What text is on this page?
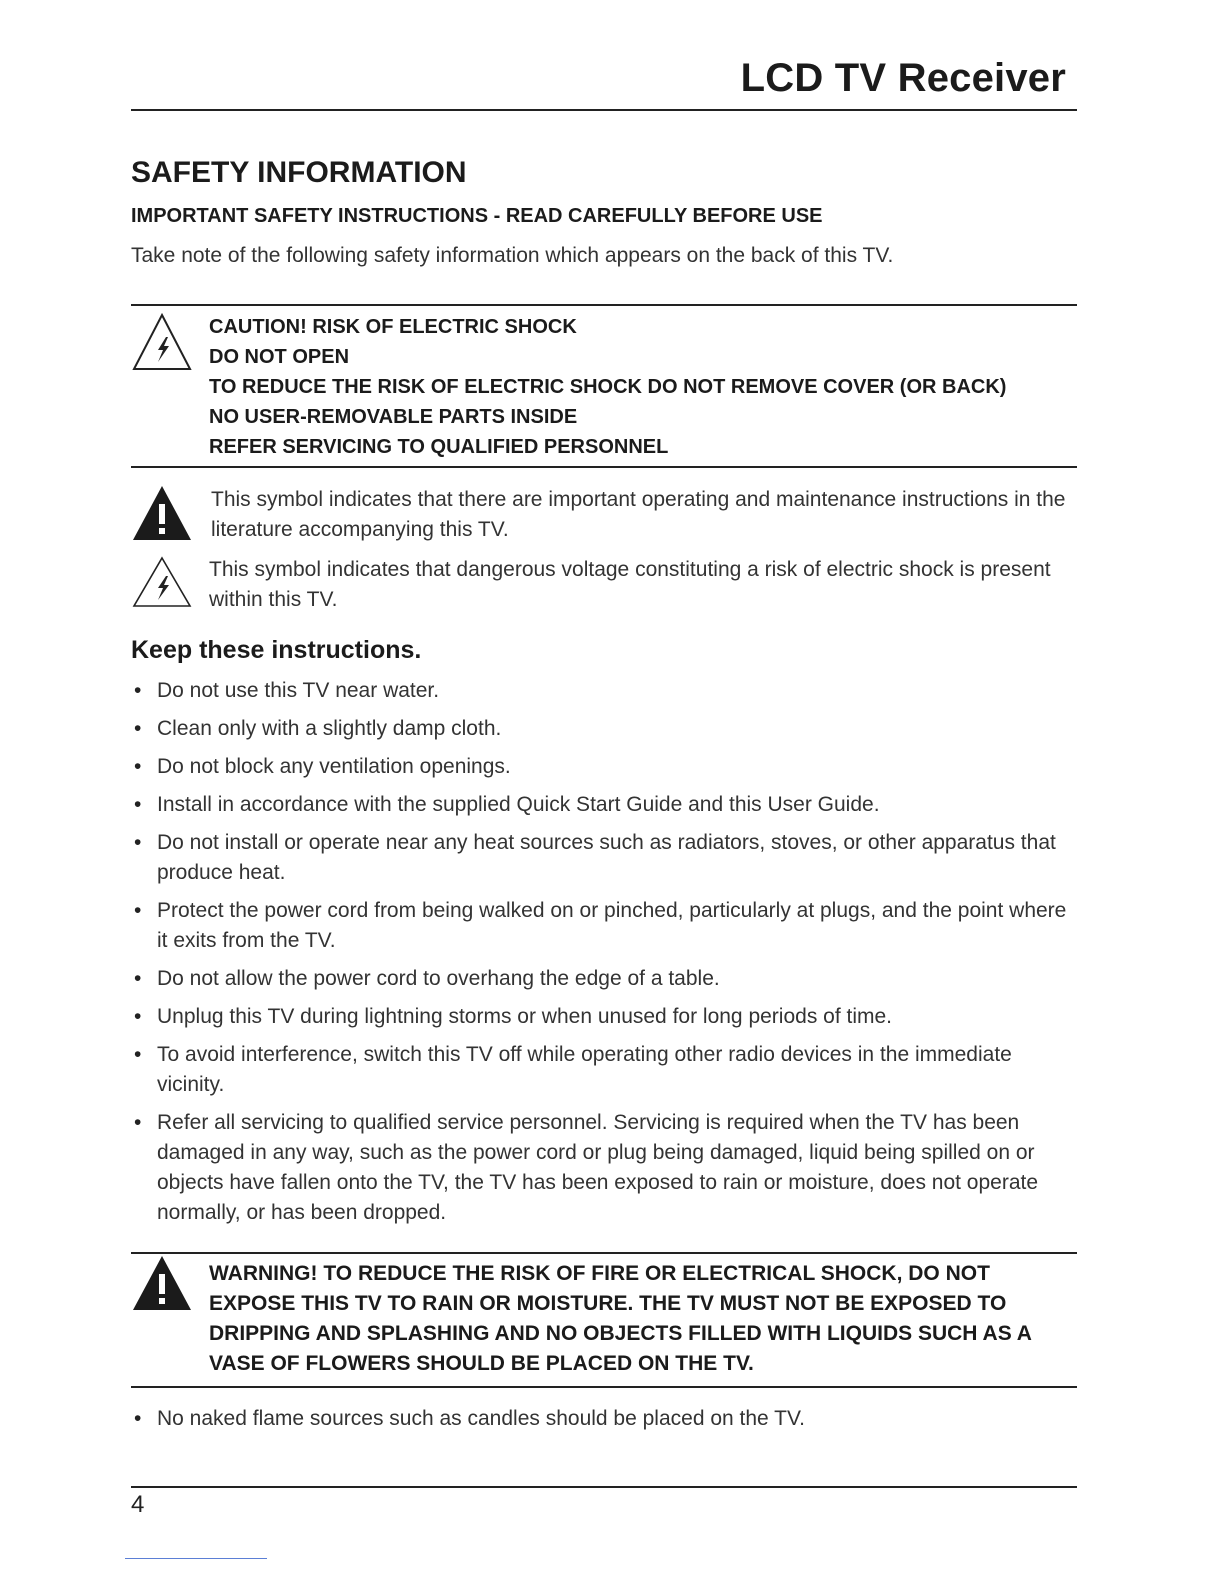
LCD TV Receiver
SAFETY INFORMATION
IMPORTANT SAFETY INSTRUCTIONS - READ CAREFULLY BEFORE USE
Take note of the following safety information which appears on the back of this TV.
CAUTION! RISK OF ELECTRIC SHOCK
DO NOT OPEN
TO REDUCE THE RISK OF ELECTRIC SHOCK DO NOT REMOVE COVER (OR BACK)
NO USER-REMOVABLE PARTS INSIDE
REFER SERVICING TO QUALIFIED PERSONNEL
This symbol indicates that there are important operating and maintenance instructions in the literature accompanying this TV.
This symbol indicates that dangerous voltage constituting a risk of electric shock is present within this TV.
Keep these instructions.
• Do not use this TV near water.
• Clean only with a slightly damp cloth.
• Do not block any ventilation openings.
• Install in accordance with the supplied Quick Start Guide and this User Guide.
• Do not install or operate near any heat sources such as radiators, stoves, or other apparatus that produce heat.
• Protect the power cord from being walked on or pinched, particularly at plugs, and the point where it exits from the TV.
• Do not allow the power cord to overhang the edge of a table.
• Unplug this TV during lightning storms or when unused for long periods of time.
• To avoid interference, switch this TV off while operating other radio devices in the immediate vicinity.
• Refer all servicing to qualified service personnel. Servicing is required when the TV has been damaged in any way, such as the power cord or plug being damaged, liquid being spilled on or objects have fallen onto the TV, the TV has been exposed to rain or moisture, does not operate normally, or has been dropped.
WARNING! TO REDUCE THE RISK OF FIRE OR ELECTRICAL SHOCK, DO NOT EXPOSE THIS TV TO RAIN OR MOISTURE. THE TV MUST NOT BE EXPOSED TO DRIPPING AND SPLASHING AND NO OBJECTS FILLED WITH LIQUIDS SUCH AS A VASE OF FLOWERS SHOULD BE PLACED ON THE TV.
• No naked flame sources such as candles should be placed on the TV.
4
